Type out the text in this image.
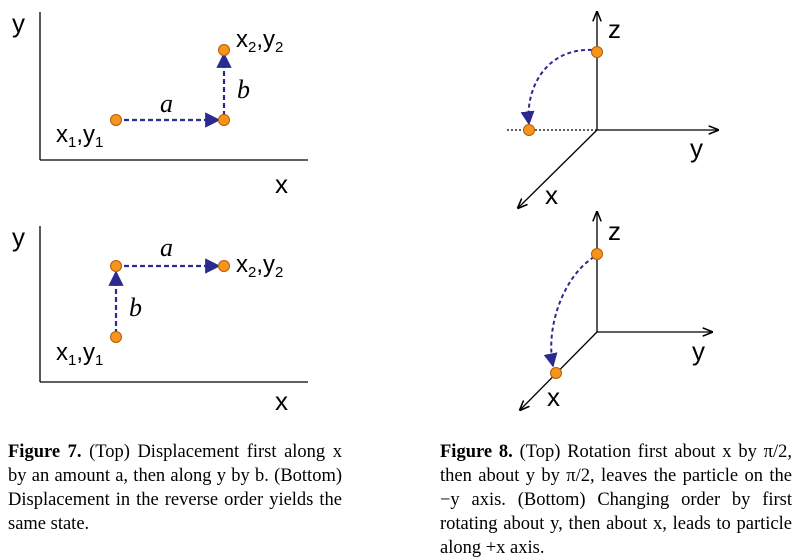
y
x
a b
$x_1,y_1$
$x_2,y_2$
y
x
a
b
$x_1,y_1$
$x_2,y_2$
z
y
x
z
y
x
Figure 7. (Top) Displacement first along x by an amount a, then along y by b. (Bottom) Displacement in the reverse order yields the same state.
Figure 8. (Top) Rotation first about x by π/2, then about y by π/2, leaves the particle on the −y axis. (Bottom) Changing order by first rotating about y, then about x, leads to particle along +x axis.
